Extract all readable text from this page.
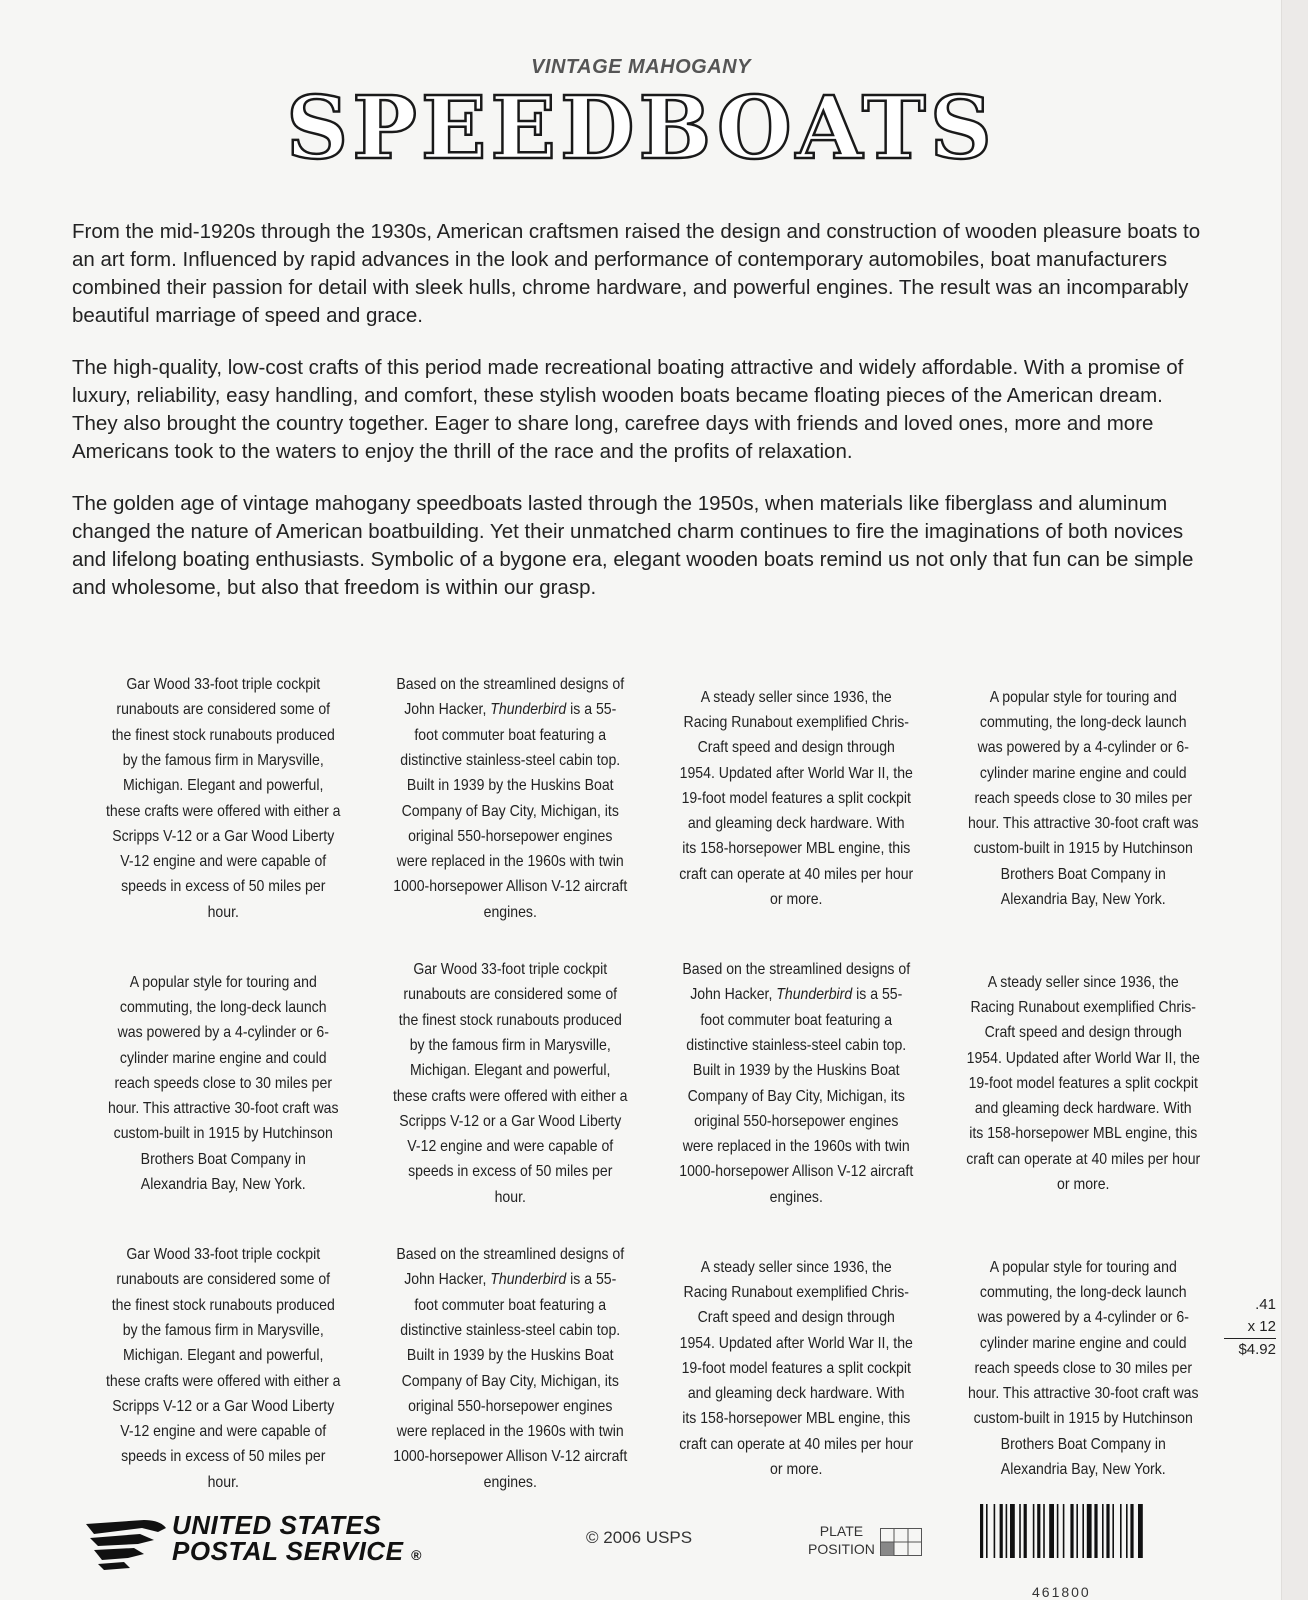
VINTAGE MAHOGANY
SPEEDBOATS

From the mid-1920s through the 1930s, American craftsmen raised the design and construction of wooden pleasure boats to an art form. Influenced by rapid advances in the look and performance of contemporary automobiles, boat manufacturers combined their passion for detail with sleek hulls, chrome hardware, and powerful engines. The result was an incomparably beautiful marriage of speed and grace.

The high-quality, low-cost crafts of this period made recreational boating attractive and widely affordable. With a promise of luxury, reliability, easy handling, and comfort, these stylish wooden boats became floating pieces of the American dream. They also brought the country together. Eager to share long, carefree days with friends and loved ones, more and more Americans took to the waters to enjoy the thrill of the race and the profits of relaxation.

The golden age of vintage mahogany speedboats lasted through the 1950s, when materials like fiberglass and aluminum changed the nature of American boatbuilding. Yet their unmatched charm continues to fire the imaginations of both novices and lifelong boating enthusiasts. Symbolic of a bygone era, elegant wooden boats remind us not only that fun can be simple and wholesome, but also that freedom is within our grasp.

Gar Wood 33-foot triple cockpit runabouts are considered some of the finest stock runabouts produced by the famous firm in Marysville, Michigan. Elegant and powerful, these crafts were offered with either a Scripps V-12 or a Gar Wood Liberty V-12 engine and were capable of speeds in excess of 50 miles per hour.
Based on the streamlined designs of John Hacker, Thunderbird is a 55-foot commuter boat featuring a distinctive stainless-steel cabin top. Built in 1939 by the Huskins Boat Company of Bay City, Michigan, its original 550-horsepower engines were replaced in the 1960s with twin 1000-horsepower Allison V-12 aircraft engines.
A steady seller since 1936, the Racing Runabout exemplified Chris-Craft speed and design through 1954. Updated after World War II, the 19-foot model features a split cockpit and gleaming deck hardware. With its 158-horsepower MBL engine, this craft can operate at 40 miles per hour or more.
A popular style for touring and commuting, the long-deck launch was powered by a 4-cylinder or 6-cylinder marine engine and could reach speeds close to 30 miles per hour. This attractive 30-foot craft was custom-built in 1915 by Hutchinson Brothers Boat Company in Alexandria Bay, New York.
A popular style for touring and commuting, the long-deck launch was powered by a 4-cylinder or 6-cylinder marine engine and could reach speeds close to 30 miles per hour. This attractive 30-foot craft was custom-built in 1915 by Hutchinson Brothers Boat Company in Alexandria Bay, New York.
Gar Wood 33-foot triple cockpit runabouts are considered some of the finest stock runabouts produced by the famous firm in Marysville, Michigan. Elegant and powerful, these crafts were offered with either a Scripps V-12 or a Gar Wood Liberty V-12 engine and were capable of speeds in excess of 50 miles per hour.
Based on the streamlined designs of John Hacker, Thunderbird is a 55-foot commuter boat featuring a distinctive stainless-steel cabin top. Built in 1939 by the Huskins Boat Company of Bay City, Michigan, its original 550-horsepower engines were replaced in the 1960s with twin 1000-horsepower Allison V-12 aircraft engines.
A steady seller since 1936, the Racing Runabout exemplified Chris-Craft speed and design through 1954. Updated after World War II, the 19-foot model features a split cockpit and gleaming deck hardware. With its 158-horsepower MBL engine, this craft can operate at 40 miles per hour or more.
Gar Wood 33-foot triple cockpit runabouts are considered some of the finest stock runabouts produced by the famous firm in Marysville, Michigan. Elegant and powerful, these crafts were offered with either a Scripps V-12 or a Gar Wood Liberty V-12 engine and were capable of speeds in excess of 50 miles per hour.
Based on the streamlined designs of John Hacker, Thunderbird is a 55-foot commuter boat featuring a distinctive stainless-steel cabin top. Built in 1939 by the Huskins Boat Company of Bay City, Michigan, its original 550-horsepower engines were replaced in the 1960s with twin 1000-horsepower Allison V-12 aircraft engines.
A steady seller since 1936, the Racing Runabout exemplified Chris-Craft speed and design through 1954. Updated after World War II, the 19-foot model features a split cockpit and gleaming deck hardware. With its 158-horsepower MBL engine, this craft can operate at 40 miles per hour or more.
A popular style for touring and commuting, the long-deck launch was powered by a 4-cylinder or 6-cylinder marine engine and could reach speeds close to 30 miles per hour. This attractive 30-foot craft was custom-built in 1915 by Hutchinson Brothers Boat Company in Alexandria Bay, New York.
.41
x 12
$4.92
UNITED STATES
POSTAL SERVICE ®
© 2006 USPS	PLATE
POSITION
461800
